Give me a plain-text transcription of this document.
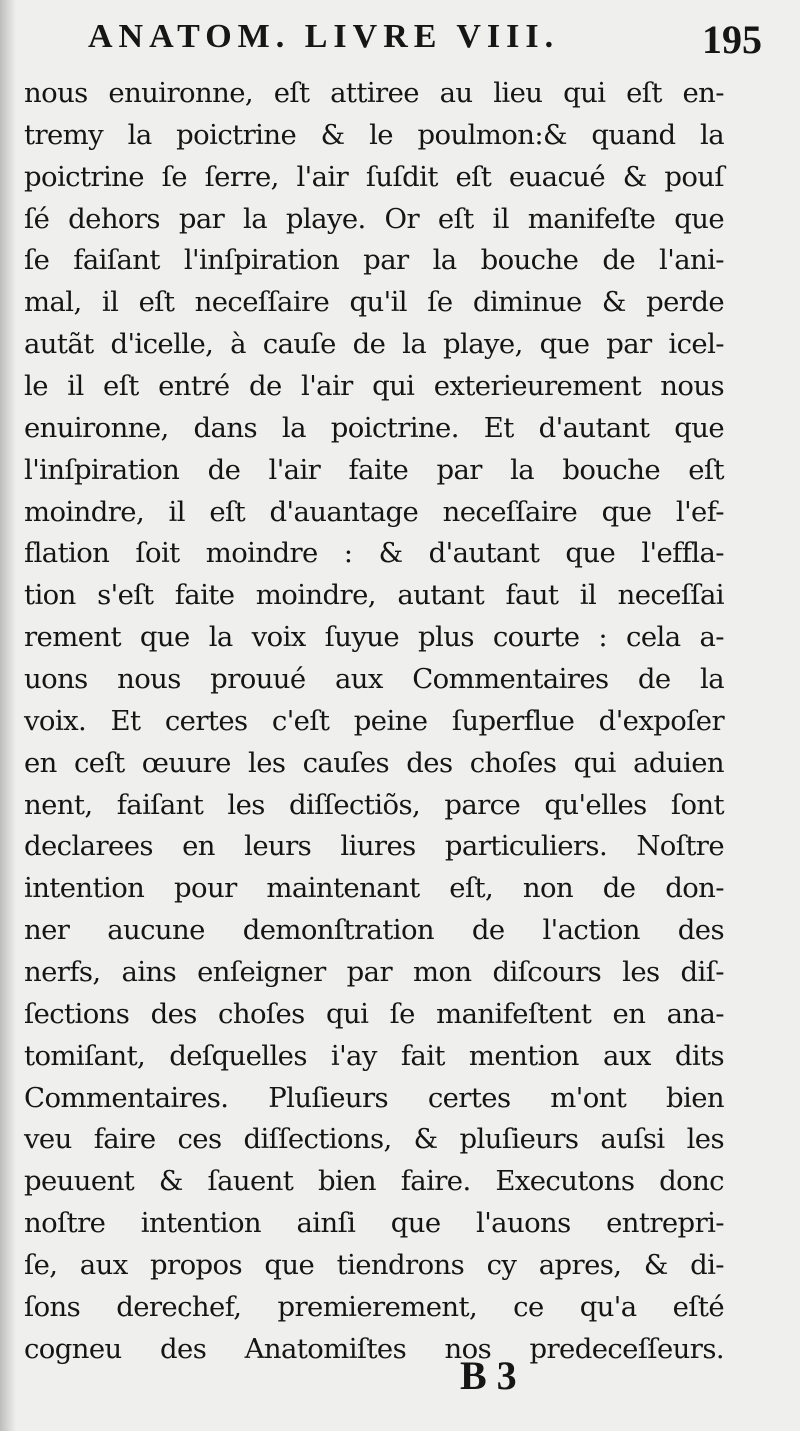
ANATOM. LIVRE VIII.	195
nous enuironne, eſt attiree au lieu qui eſt en-
tremy la poictrine & le poulmon:& quand la
poictrine ſe ſerre, l'air ſuſdit eſt euacué & pouſ
ſé dehors par la playe. Or eſt il manifeſte que
ſe faiſant l'inſpiration par la bouche de l'ani-
mal, il eſt neceſſaire qu'il ſe diminue & perde
autãt d'icelle, à cauſe de la playe, que par icel-
le il eſt entré de l'air qui exterieurement nous
enuironne, dans la poictrine. Et d'autant que
l'inſpiration de l'air faite par la bouche eſt
moindre, il eſt d'auantage neceſſaire que l'ef-
flation ſoit moindre : & d'autant que l'effla-
tion s'eſt faite moindre, autant faut il neceſſai
rement que la voix ſuyue plus courte : cela a-
uons nous prouué aux Commentaires de la
voix. Et certes c'eſt peine ſuperflue d'expoſer
en ceſt œuure les cauſes des choſes qui aduien
nent, faiſant les diſſectiõs, parce qu'elles ſont
declarees en leurs liures particuliers. Noſtre
intention pour maintenant eſt, non de don-
ner aucune demonſtration de l'action des
nerfs, ains enſeigner par mon diſcours les diſ-
ſections des choſes qui ſe manifeſtent en ana-
tomiſant, deſquelles i'ay fait mention aux dits
Commentaires. Pluſieurs certes m'ont bien
veu faire ces diſſections, & pluſieurs auſsi les
peuuent & ſauent bien faire. Executons donc
noſtre intention ainſi que l'auons entrepri-
ſe, aux propos que tiendrons cy apres, & di-
ſons derechef, premierement, ce qu'a eſté
cogneu des Anatomiſtes nos predeceſſeurs.
B 3
